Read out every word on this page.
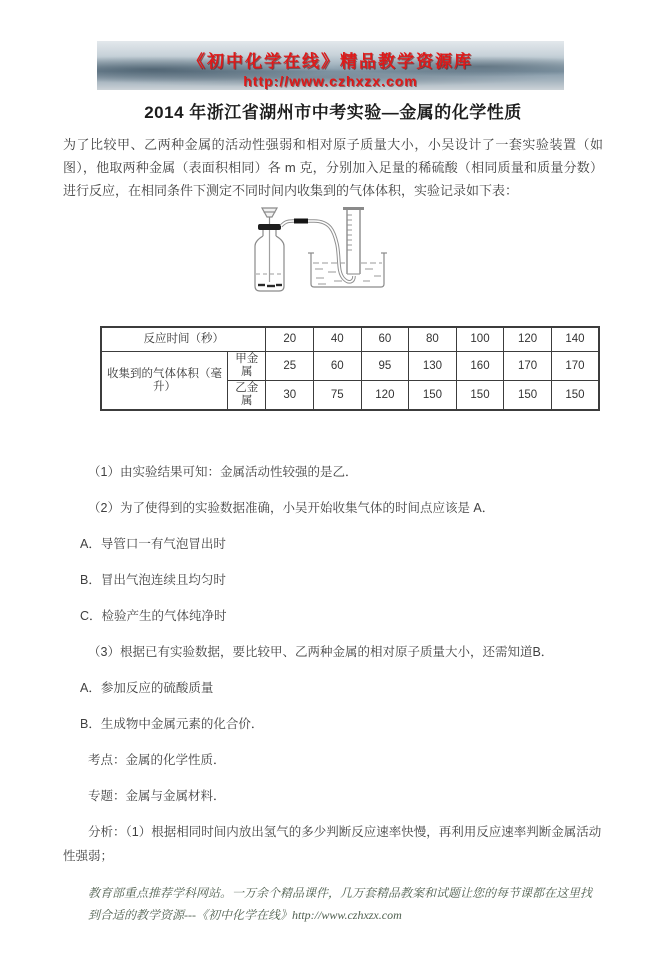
《初中化学在线》精品教学资源库
http://www.czhxzx.com
2014 年浙江省湖州市中考实验—金属的化学性质

为了比较甲、乙两种金属的活动性强弱和相对原子质量大小，小吴设计了一套实验装置（如图），他取两种金属（表面积相同）各 m 克，分别加入足量的稀硫酸（相同质量和质量分数）进行反应，在相同条件下测定不同时间内收集到的气体体积，实验记录如下表：

反应时间（秒）		20	40	60	80	100	120	140
收集到的气体体积（毫升）	甲金属	25	60	95	130	160	170	170
	乙金属	30	75	120	150	150	150	150

（1）由实验结果可知：金属活动性较强的是乙．

（2）为了使得到的实验数据准确，小吴开始收集气体的时间点应该是 A．

A．导管口一有气泡冒出时

B．冒出气泡连续且均匀时

C．检验产生的气体纯净时

（3）根据已有实验数据，要比较甲、乙两种金属的相对原子质量大小，还需知道B．

A．参加反应的硫酸质量

B．生成物中金属元素的化合价．

考点：金属的化学性质．

专题：金属与金属材料．

分析：（1）根据相同时间内放出氢气的多少判断反应速率快慢，再利用反应速率判断金属活动性强弱；

教育部重点推荐学科网站。一万余个精品课件，几万套精品教案和试题让您的每节课都在这里找到合适的教学资源---《初中化学在线》http://www.czhxzx.com
